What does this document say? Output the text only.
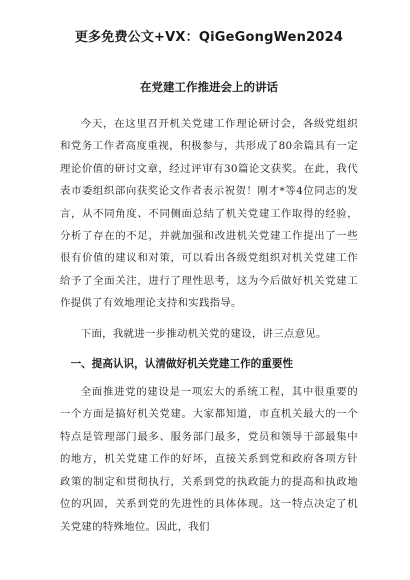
更多免费公文+VX：QiGeGongWen2024
在党建工作推进会上的讲话

今天，在这里召开机关党建工作理论研讨会，各级党组织和党务工作者高度重视，积极参与，共形成了80余篇具有一定理论价值的研讨文章，经过评审有30篇论文获奖。在此，我代表市委组织部向获奖论文作者表示祝贺！刚才*等4位同志的发言，从不同角度、不同侧面总结了机关党建工作取得的经验，分析了存在的不足，并就加强和改进机关党建工作提出了一些很有价值的建议和对策，可以看出各级党组织对机关党建工作给予了全面关注，进行了理性思考，这为今后做好机关党建工作提供了有效地理论支持和实践指导。

下面，我就进一步推动机关党的建设，讲三点意见。

一、提高认识，认清做好机关党建工作的重要性

全面推进党的建设是一项宏大的系统工程，其中很重要的一个方面是搞好机关党建。大家都知道，市直机关最大的一个特点是管理部门最多、服务部门最多，党员和领导干部最集中的地方，机关党建工作的好坏，直接关系到党和政府各项方针政策的制定和贯彻执行，关系到党的执政能力的提高和执政地位的巩固，关系到党的先进性的具体体现。这一特点决定了机关党建的特殊地位。因此，我们
